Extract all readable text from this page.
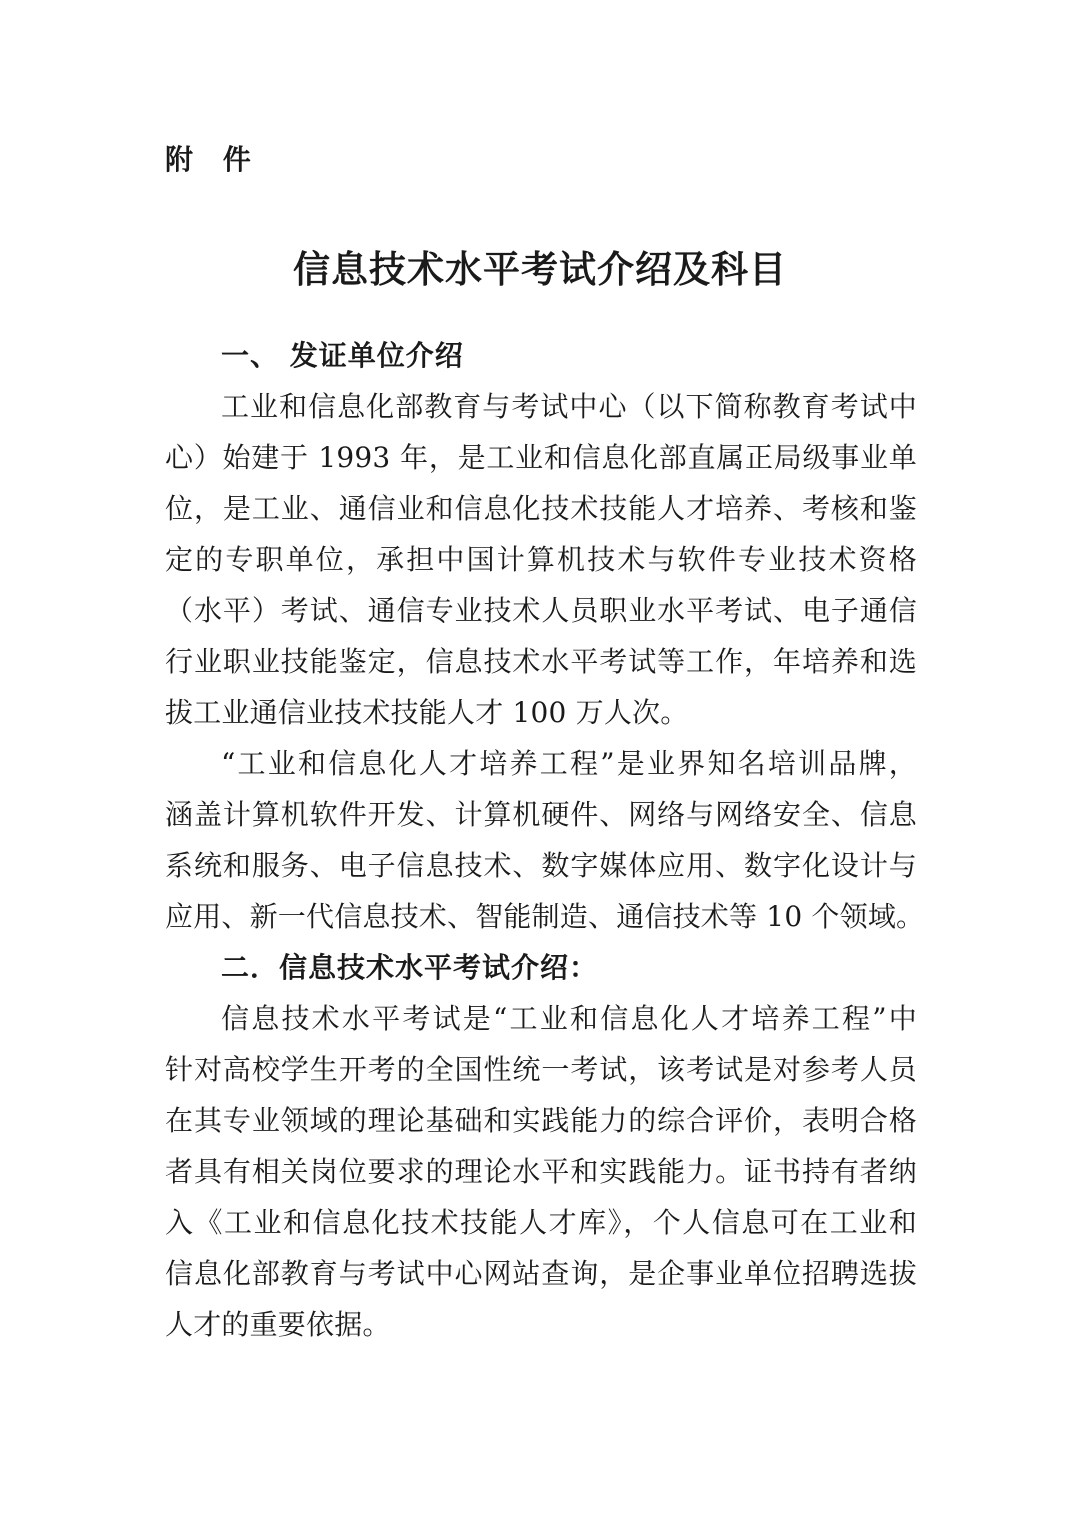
附 件
信息技术水平考试介绍及科目

一、 发证单位介绍

工业和信息化部教育与考试中心（以下简称教育考试中
心）始建于 1993 年，是工业和信息化部直属正局级事业单
位，是工业、通信业和信息化技术技能人才培养、考核和鉴
定的专职单位，承担中国计算机技术与软件专业技术资格
（水平）考试、通信专业技术人员职业水平考试、电子通信
行业职业技能鉴定，信息技术水平考试等工作，年培养和选
拔工业通信业技术技能人才 100 万人次。
“工业和信息化人才培养工程”是业界知名培训品牌，
涵盖计算机软件开发、计算机硬件、网络与网络安全、信息
系统和服务、电子信息技术、数字媒体应用、数字化设计与
应用、新一代信息技术、智能制造、通信技术等 10 个领域。

二．信息技术水平考试介绍：

信息技术水平考试是“工业和信息化人才培养工程”中
针对高校学生开考的全国性统一考试，该考试是对参考人员
在其专业领域的理论基础和实践能力的综合评价，表明合格
者具有相关岗位要求的理论水平和实践能力。证书持有者纳
入《工业和信息化技术技能人才库》，个人信息可在工业和
信息化部教育与考试中心网站查询，是企事业单位招聘选拔
人才的重要依据。
